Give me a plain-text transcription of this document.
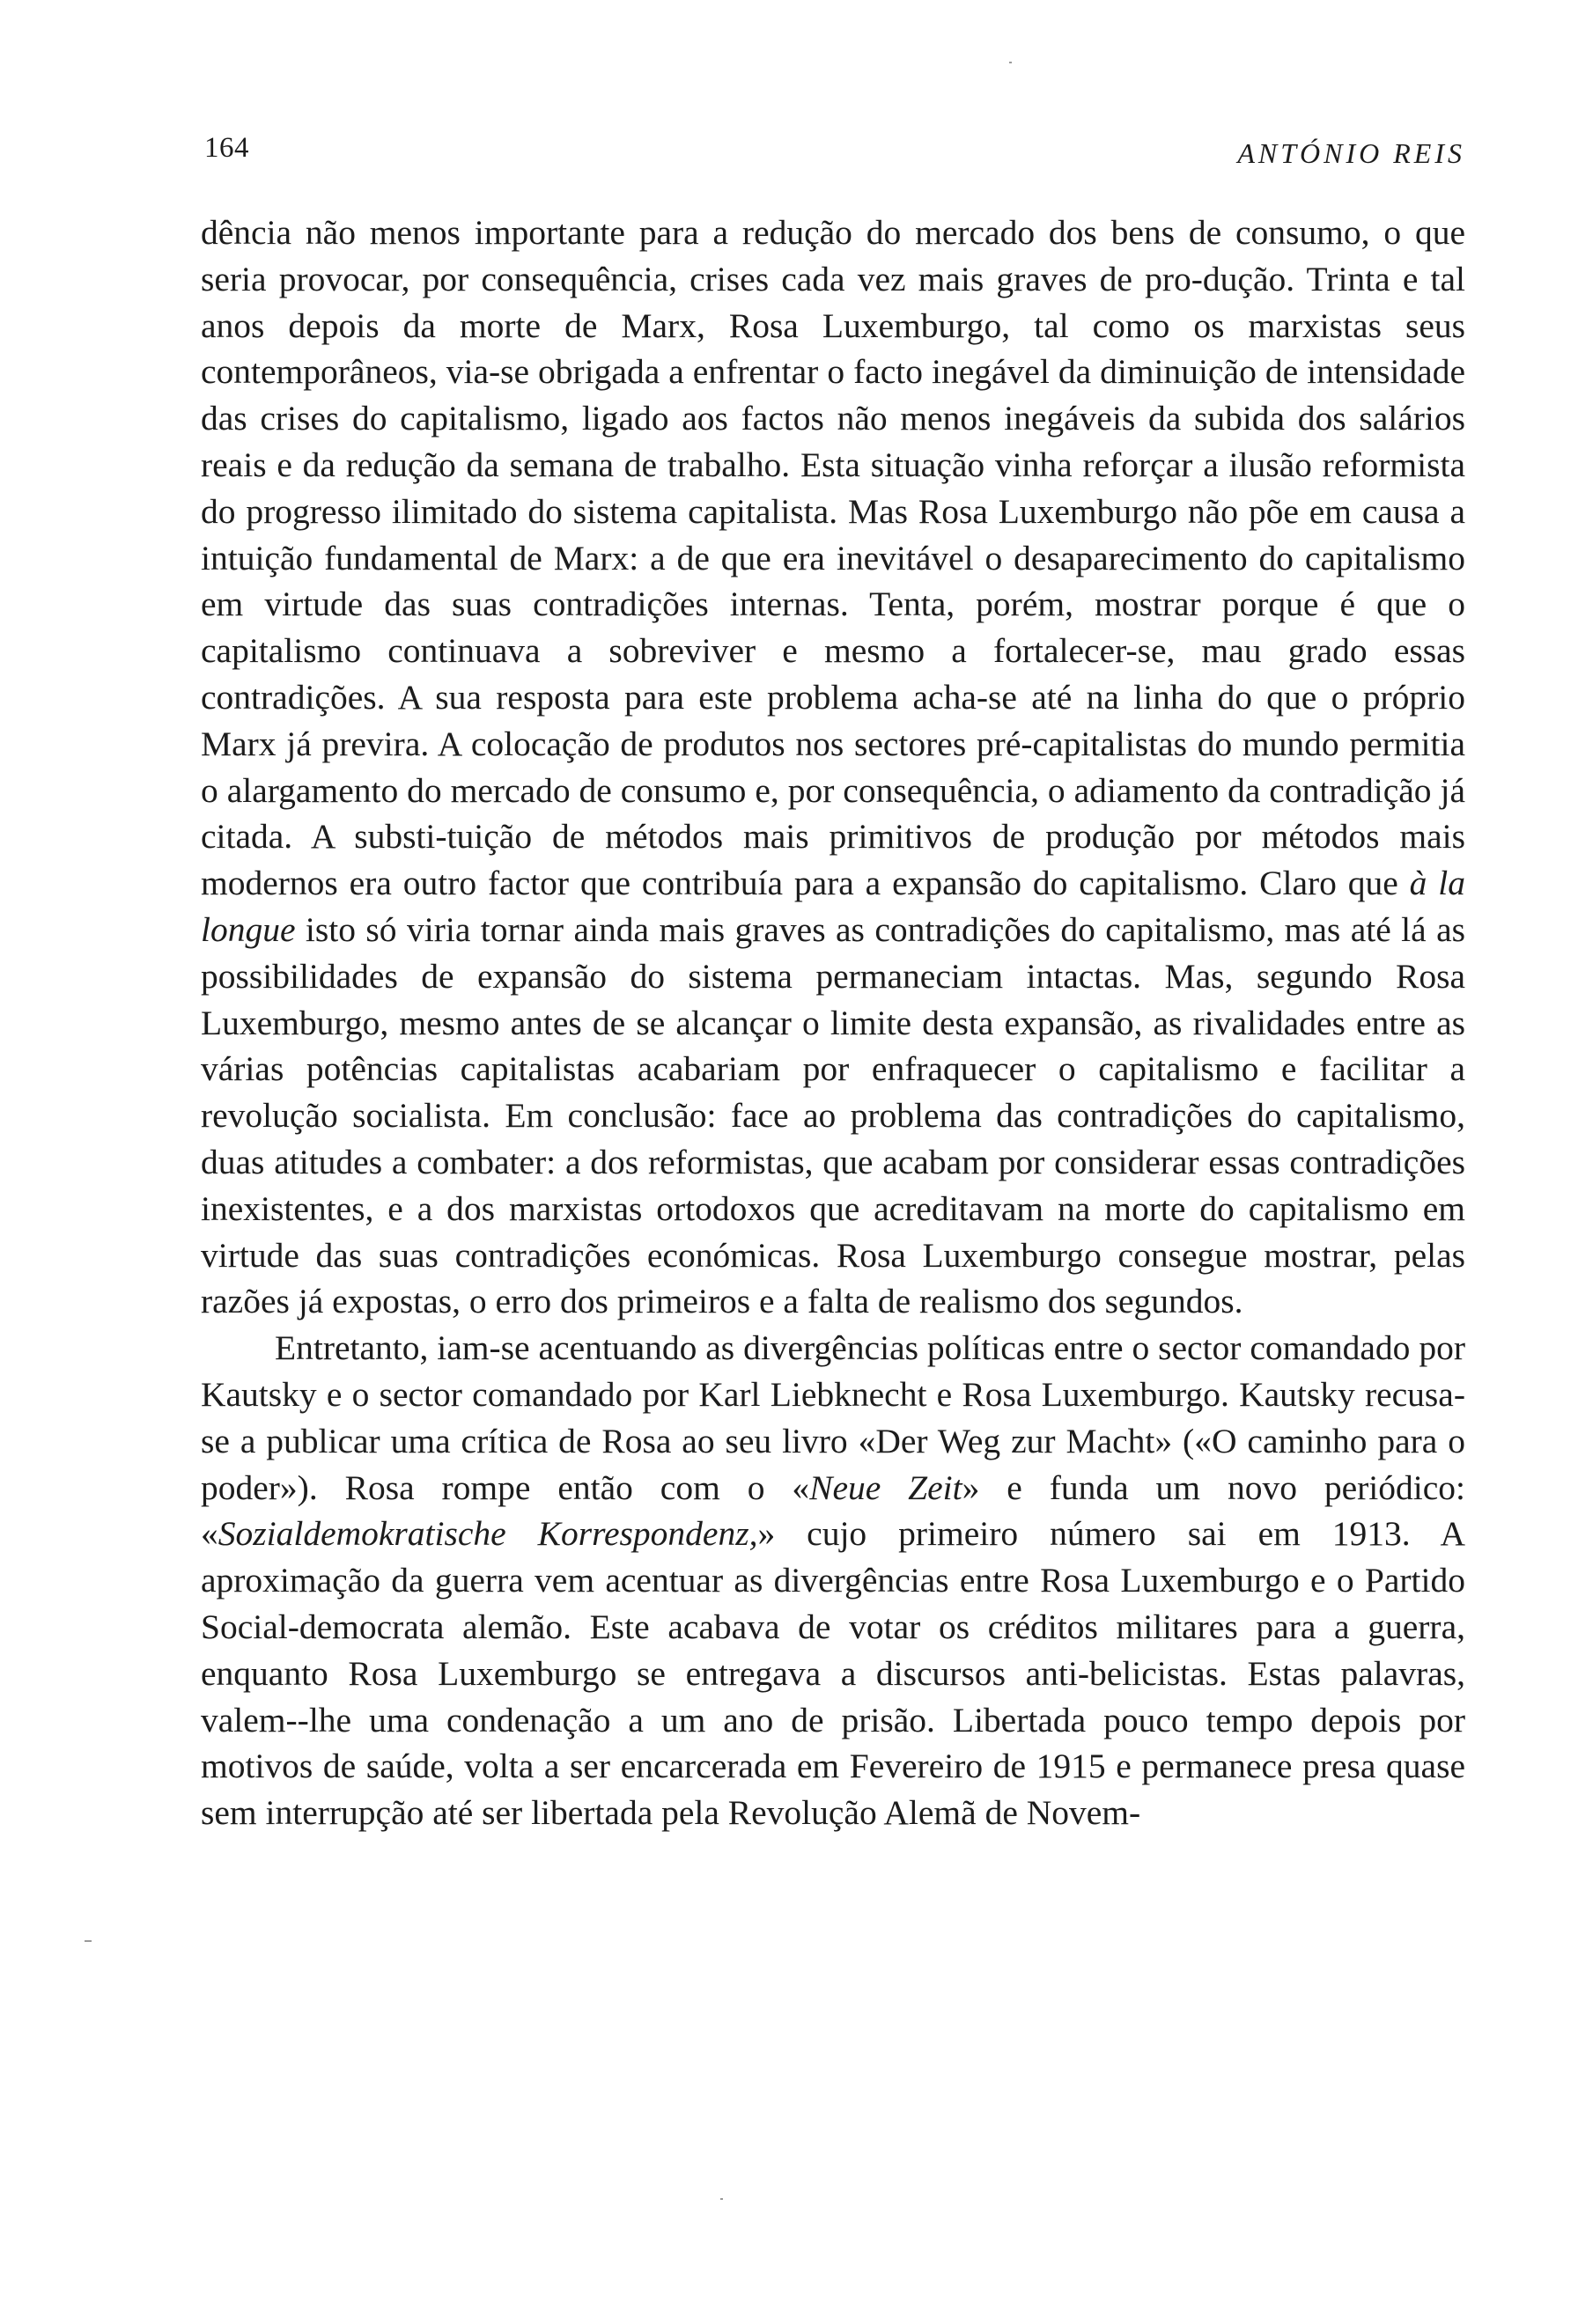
164	ANTÓNIO REIS

dência não menos importante para a redução do mercado dos bens de consumo, o que seria provocar, por consequência, crises cada vez mais graves de pro-dução. Trinta e tal anos depois da morte de Marx, Rosa Luxemburgo, tal como os marxistas seus contemporâneos, via-se obrigada a enfrentar o facto inegável da diminuição de intensidade das crises do capitalismo, ligado aos factos não menos inegáveis da subida dos salários reais e da redução da semana de trabalho. Esta situação vinha reforçar a ilusão reformista do progresso ilimitado do sistema capitalista. Mas Rosa Luxemburgo não põe em causa a intuição fundamental de Marx: a de que era inevitável o desaparecimento do capitalismo em virtude das suas contradições internas. Tenta, porém, mostrar porque é que o capitalismo continuava a sobreviver e mesmo a fortalecer-se, mau grado essas contradições. A sua resposta para este problema acha-se até na linha do que o próprio Marx já previra. A colocação de produtos nos sectores pré-capitalistas do mundo permitia o alargamento do mercado de consumo e, por consequência, o adiamento da contradição já citada. A substi-tuição de métodos mais primitivos de produção por métodos mais modernos era outro factor que contribuía para a expansão do capitalismo. Claro que à la longue isto só viria tornar ainda mais graves as contradições do capitalismo, mas até lá as possibilidades de expansão do sistema permaneciam intactas. Mas, segundo Rosa Luxemburgo, mesmo antes de se alcançar o limite desta expansão, as rivalidades entre as várias potências capitalistas acabariam por enfraquecer o capitalismo e facilitar a revolução socialista. Em conclusão: face ao problema das contradições do capitalismo, duas atitudes a combater: a dos reformistas, que acabam por considerar essas contradições inexistentes, e a dos marxistas ortodoxos que acreditavam na morte do capitalismo em virtude das suas contradições económicas. Rosa Luxemburgo consegue mostrar, pelas razões já expostas, o erro dos primeiros e a falta de realismo dos segundos.

Entretanto, iam-se acentuando as divergências políticas entre o sector comandado por Kautsky e o sector comandado por Karl Liebknecht e Rosa Luxemburgo. Kautsky recusa-se a publicar uma crítica de Rosa ao seu livro «Der Weg zur Macht» («O caminho para o poder»). Rosa rompe então com o «Neue Zeit» e funda um novo periódico: «Sozialdemokratische Korrespondenz,» cujo primeiro número sai em 1913. A aproximação da guerra vem acentuar as divergências entre Rosa Luxemburgo e o Partido Social-democrata alemão. Este acabava de votar os créditos militares para a guerra, enquanto Rosa Luxemburgo se entregava a discursos anti-belicistas. Estas palavras, valem--lhe uma condenação a um ano de prisão. Libertada pouco tempo depois por motivos de saúde, volta a ser encarcerada em Fevereiro de 1915 e permanece presa quase sem interrupção até ser libertada pela Revolução Alemã de Novem-
